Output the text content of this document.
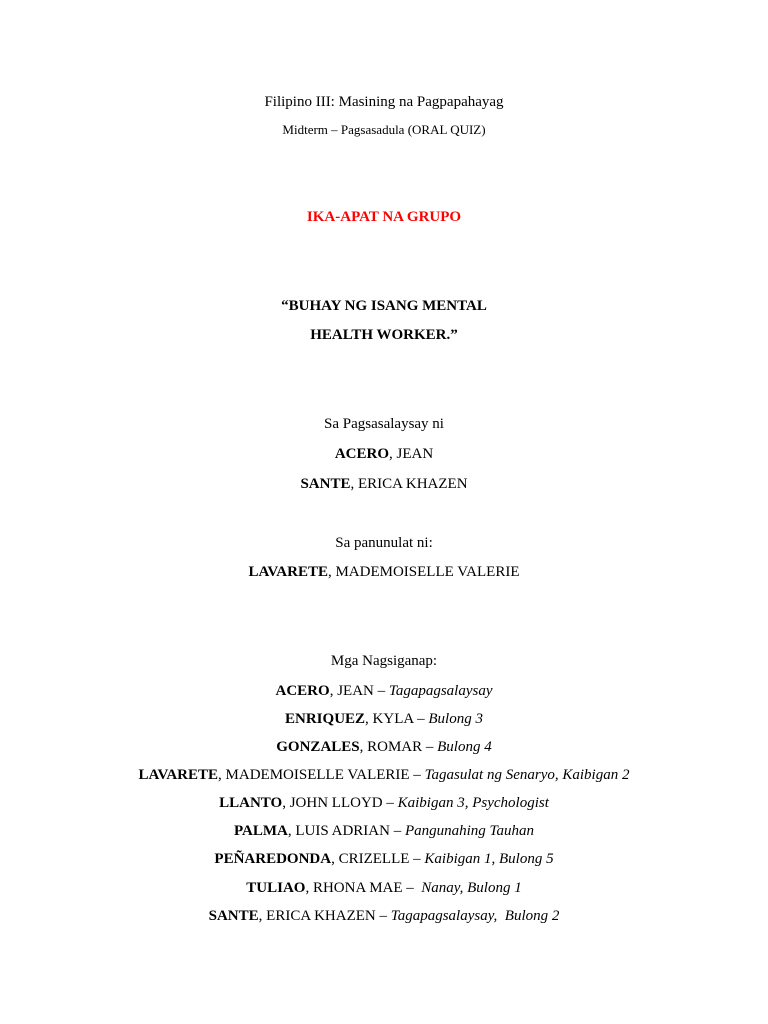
Filipino III: Masining na Pagpapahayag
Midterm – Pagsasadula (ORAL QUIZ)
IKA-APAT NA GRUPO
“BUHAY NG ISANG MENTAL
HEALTH WORKER.”
Sa Pagsasalaysay ni
ACERO, JEAN
SANTE, ERICA KHAZEN
Sa panunulat ni:
LAVARETE, MADEMOISELLE VALERIE
Mga Nagsiganap:
ACERO, JEAN – Tagapagsalaysay
ENRIQUEZ, KYLA – Bulong 3
GONZALES, ROMAR – Bulong 4
LAVARETE, MADEMOISELLE VALERIE – Tagasulat ng Senaryo, Kaibigan 2
LLANTO, JOHN LLOYD – Kaibigan 3, Psychologist
PALMA, LUIS ADRIAN – Pangunahing Tauhan
PEÑAREDONDA, CRIZELLE – Kaibigan 1, Bulong 5
TULIAO, RHONA MAE –  Nanay, Bulong 1
SANTE, ERICA KHAZEN – Tagapagsalaysay,  Bulong 2
